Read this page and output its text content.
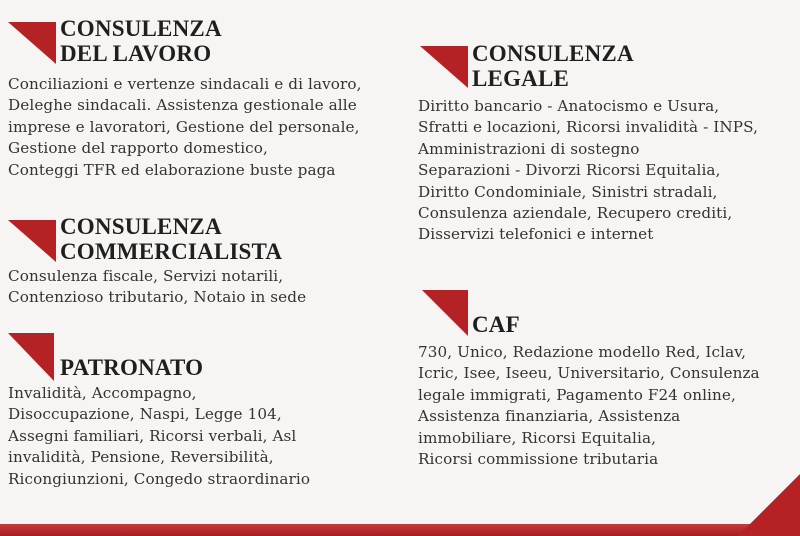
CONSULENZA
DEL LAVORO
Conciliazioni e vertenze sindacali e di lavoro,
Deleghe sindacali. Assistenza gestionale alle
imprese e lavoratori, Gestione del personale,
Gestione del rapporto domestico,
Conteggi TFR ed elaborazione buste paga
CONSULENZA
COMMERCIALISTA
Consulenza fiscale, Servizi notarili,
Contenzioso tributario, Notaio in sede
PATRONATO
Invalidità, Accompagno,
Disoccupazione, Naspi, Legge 104,
Assegni familiari, Ricorsi verbali, Asl
invalidità, Pensione, Reversibilità,
Ricongiunzioni, Congedo straordinario
CONSULENZA
LEGALE
Diritto bancario - Anatocismo e Usura,
Sfratti e locazioni, Ricorsi invalidità - INPS,
Amministrazioni di sostegno
Separazioni - Divorzi Ricorsi Equitalia,
Diritto Condominiale, Sinistri stradali,
Consulenza aziendale, Recupero crediti,
Disservizi telefonici e internet
CAF
730, Unico, Redazione modello Red, Iclav,
Icric, Isee, Iseeu, Universitario, Consulenza
legale immigrati, Pagamento F24 online,
Assistenza finanziaria, Assistenza
immobiliare, Ricorsi Equitalia,
Ricorsi commissione tributaria
